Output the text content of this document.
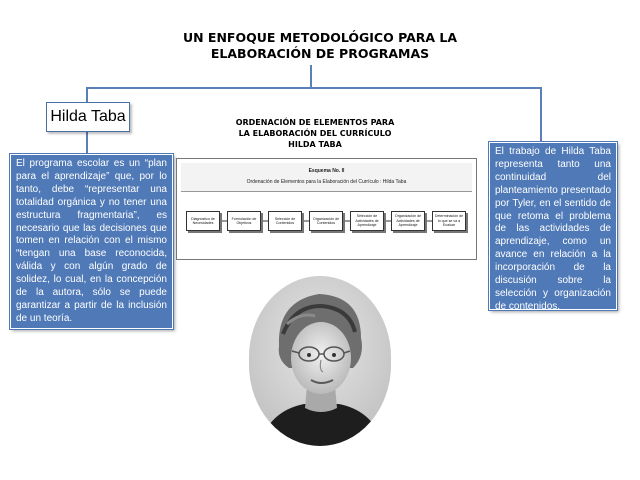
UN ENFOQUE METODOLÓGICO PARA LA
ELABORACIÓN DE PROGRAMAS
Hilda Taba

El programa escolar es un “plan para el aprendizaje” que, por lo tanto, debe “representar una totalidad orgánica y no tener una estructura fragmentaria”, es necesario que las decisiones que tomen en relación con el mismo “tengan una base reconocida, válida y con algún grado de solidez, lo cual, en la concepción de la autora, sólo se puede garantizar a partir de la inclusión de un teoría.

ORDENACIÓN DE ELEMENTOS PARA
LA ELABORACIÓN DEL CURRÍCULO
HILDA TABA
Esquema No. II
Ordenación de Elementos para la Elaboración del Currículo : Hilda Taba
Diagnóstico de Necesidades
Formulación de Objetivos
Selección de Contenidos
Organización de Contenidos
Selección de Actividades de Aprendizaje
Organización de Actividades de Aprendizaje
Determinación de lo que se va a Evaluar

El trabajo de Hilda Taba representa tanto una continuidad del planteamiento presentado por Tyler, en el sentido de que retoma el problema de las actividades de aprendizaje, como un avance en relación a la incorporación de la discusión sobre la selección y organización de contenidos.
